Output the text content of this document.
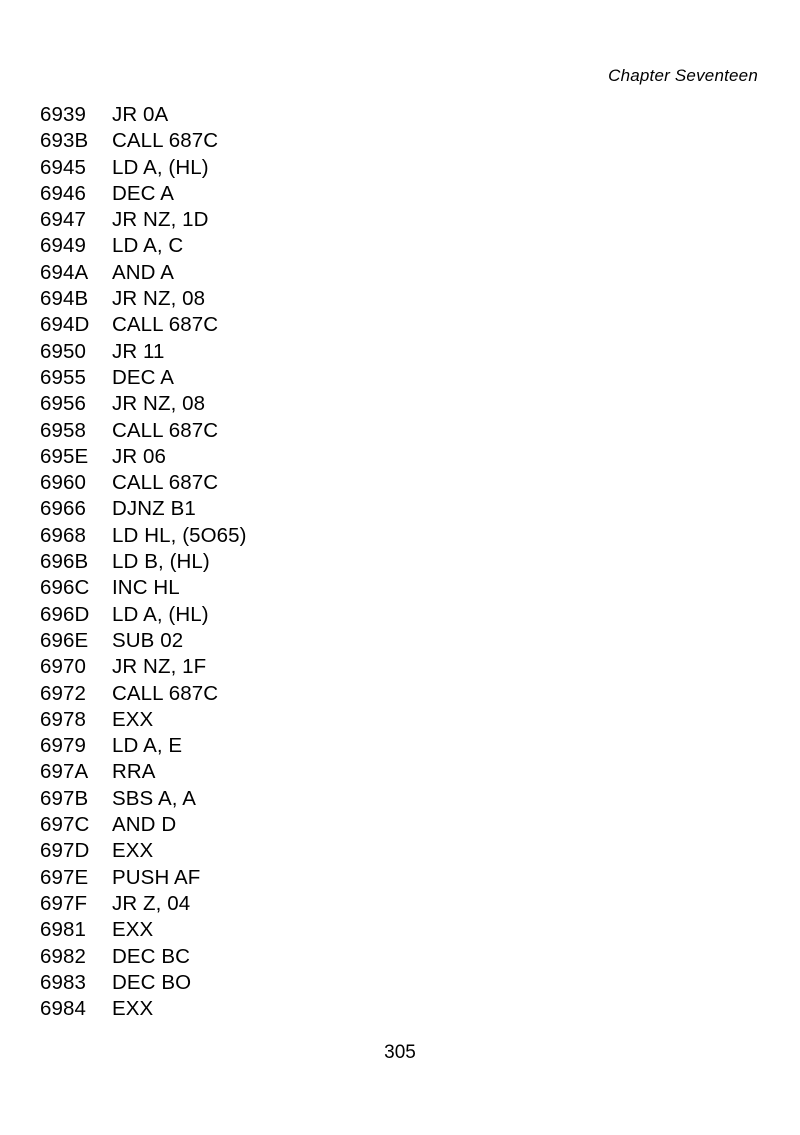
Chapter Seventeen
6939	JR 0A
693B	CALL 687C
6945	LD A, (HL)
6946	DEC A
6947	JR NZ, 1D
6949	LD A, C
694A	AND A
694B	JR NZ, 08
694D	CALL 687C
6950	JR 11
6955	DEC A
6956	JR NZ, 08
6958	CALL 687C
695E	JR 06
6960	CALL 687C
6966	DJNZ B1
6968	LD HL, (5O65)
696B	LD B, (HL)
696C	INC HL
696D	LD A, (HL)
696E	SUB 02
6970	JR NZ, 1F
6972	CALL 687C
6978	EXX
6979	LD A, E
697A	RRA
697B	SBS A, A
697C	AND D
697D	EXX
697E	PUSH AF
697F	JR Z, 04
6981	EXX
6982	DEC BC
6983	DEC BO
6984	EXX
305
